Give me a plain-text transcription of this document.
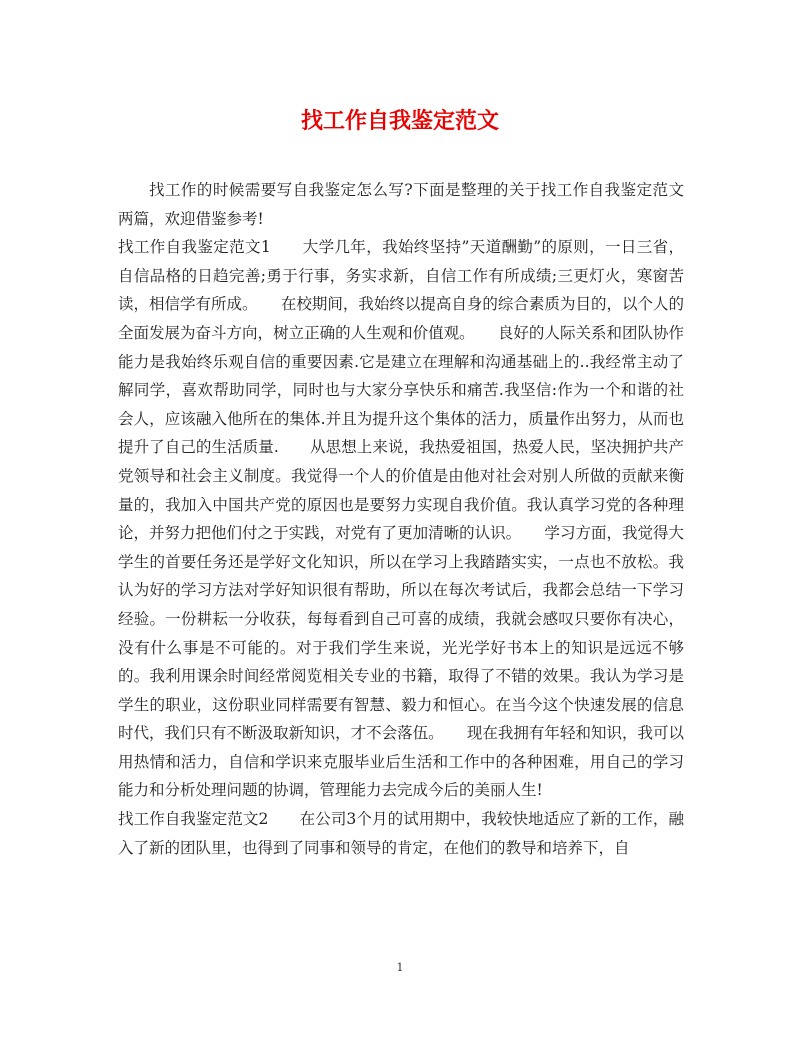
找工作自我鉴定范文

找工作的时候需要写自我鉴定怎么写?下面是整理的关于找工作自我鉴定范文两篇，欢迎借鉴参考!

找工作自我鉴定范文1　　大学几年，我始终坚持”天道酬勤”的原则，一日三省，自信品格的日趋完善;勇于行事，务实求新，自信工作有所成绩;三更灯火，寒窗苦读，相信学有所成。　　在校期间，我始终以提高自身的综合素质为目的，以个人的全面发展为奋斗方向，树立正确的人生观和价值观。　　良好的人际关系和团队协作能力是我始终乐观自信的重要因素.它是建立在理解和沟通基础上的..我经常主动了解同学，喜欢帮助同学，同时也与大家分享快乐和痛苦.我坚信:作为一个和谐的社会人，应该融入他所在的集体.并且为提升这个集体的活力，质量作出努力，从而也提升了自己的生活质量.　　从思想上来说，我热爱祖国，热爱人民，坚决拥护共产党领导和社会主义制度。我觉得一个人的价值是由他对社会对别人所做的贡献来衡量的，我加入中国共产党的原因也是要努力实现自我价值。我认真学习党的各种理论，并努力把他们付之于实践，对党有了更加清晰的认识。　　学习方面，我觉得大学生的首要任务还是学好文化知识，所以在学习上我踏踏实实，一点也不放松。我认为好的学习方法对学好知识很有帮助，所以在每次考试后，我都会总结一下学习经验。一份耕耘一分收获，每每看到自己可喜的成绩，我就会感叹只要你有决心，没有什么事是不可能的。对于我们学生来说，光光学好书本上的知识是远远不够的。我利用课余时间经常阅览相关专业的书籍，取得了不错的效果。我认为学习是学生的职业，这份职业同样需要有智慧、毅力和恒心。在当今这个快速发展的信息时代，我们只有不断汲取新知识，才不会落伍。　　现在我拥有年轻和知识，我可以用热情和活力，自信和学识来克服毕业后生活和工作中的各种困难，用自己的学习能力和分析处理问题的协调，管理能力去完成今后的美丽人生!

找工作自我鉴定范文2　　在公司3个月的试用期中，我较快地适应了新的工作，融入了新的团队里，也得到了同事和领导的肯定，在他们的教导和培养下，自

1
